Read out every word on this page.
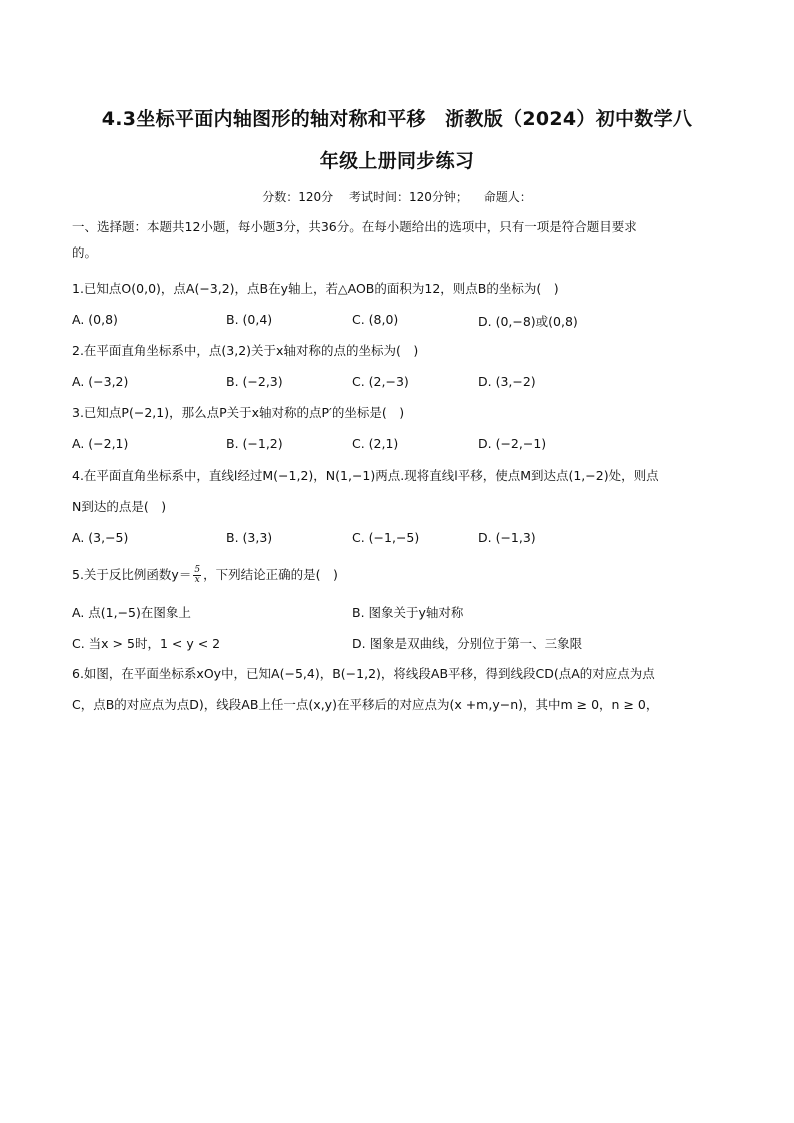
4.3坐标平面内轴图形的轴对称和平移　浙教版（2024）初中数学八
年级上册同步练习
分数：120分 考试时间：120分钟； 命题人：
一、选择题：本题共12小题，每小题3分，共36分。在每小题给出的选项中，只有一项是符合题目要求
的。
1.已知点O(0,0)，点A(−3,2)，点B在y轴上，若△AOB的面积为12，则点B的坐标为(　)
A. (0,8)	B. (0,4)	C. (8,0)	D. (0,−8)或(0,8)
2.在平面直角坐标系中，点(3,2)关于x轴对称的点的坐标为(　)
A. (−3,2)	B. (−2,3)	C. (2,−3)	D. (3,−2)
3.已知点P(−2,1)，那么点P关于x轴对称的点P′的坐标是(　)
A. (−2,1)	B. (−1,2)	C. (2,1)	D. (−2,−1)
4.在平面直角坐标系中，直线l经过M(−1,2)，N(1,−1)两点.现将直线l平移，使点M到达点(1,−2)处，则点
N到达的点是(　)
A. (3,−5)	B. (3,3)	C. (−1,−5)	D. (−1,3)
5.关于反比例函数$y= \frac{5}{x}$ ，下列结论正确的是(　)
A. 点(1,−5)在图象上	B. 图象关于y轴对称
C. 当x > 5时，1 < y < 2	D. 图象是双曲线，分别位于第一、三象限
6.如图，在平面坐标系xOy中，已知A(−5,4)，B(−1,2)，将线段AB平移，得到线段CD(点A的对应点为点
C，点B的对应点为点D)，线段AB上任一点(x,y)在平移后的对应点为(x +m,y−n)，其中m ≥ 0，n ≥ 0，
